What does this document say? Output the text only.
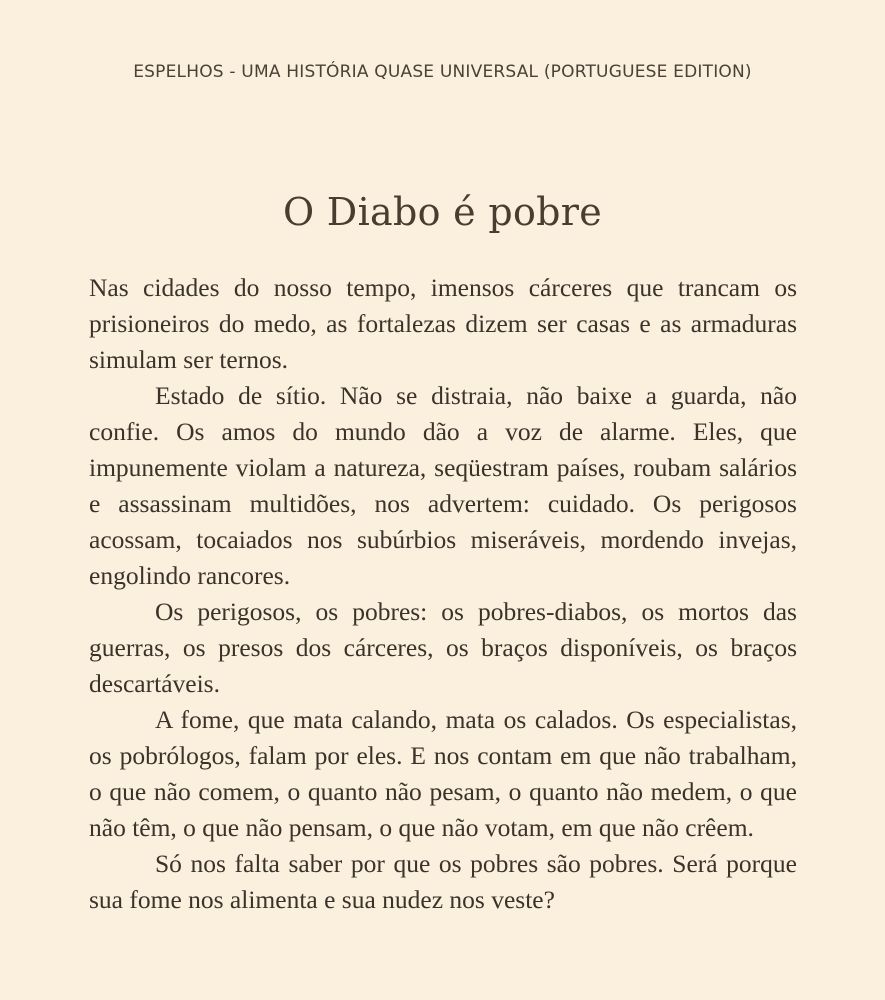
ESPELHOS - UMA HISTÓRIA QUASE UNIVERSAL (PORTUGUESE EDITION)
O Diabo é pobre

Nas cidades do nosso tempo, imensos cárceres que trancam os prisioneiros do medo, as fortalezas dizem ser casas e as armaduras simulam ser ternos.

Estado de sítio. Não se distraia, não baixe a guarda, não confie. Os amos do mundo dão a voz de alarme. Eles, que impunemente violam a natureza, seqüestram países, roubam salários e assassinam multidões, nos advertem: cuidado. Os perigosos acossam, tocaiados nos subúrbios miseráveis, mordendo invejas, engolindo rancores.

Os perigosos, os pobres: os pobres-diabos, os mortos das guerras, os presos dos cárceres, os braços disponíveis, os braços descartáveis.

A fome, que mata calando, mata os calados. Os especialistas, os pobrólogos, falam por eles. E nos contam em que não trabalham, o que não comem, o quanto não pesam, o quanto não medem, o que não têm, o que não pensam, o que não votam, em que não crêem.

Só nos falta saber por que os pobres são pobres. Será porque sua fome nos alimenta e sua nudez nos veste?
